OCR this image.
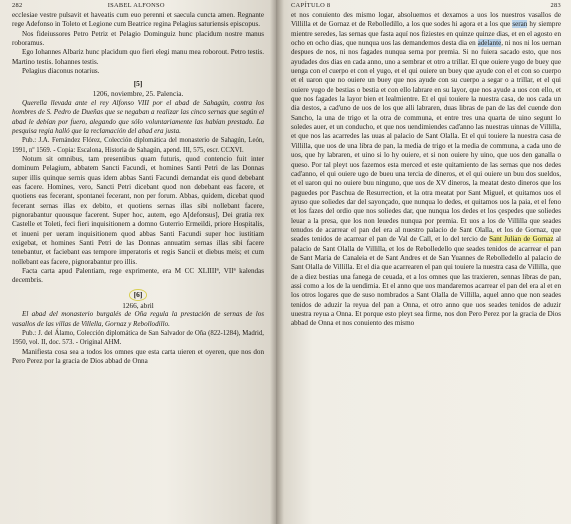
282	ISABEL ALFONSO

ecclesiae vestre pulsavit et haveatis cum euo perenni et saecula cuncta amen. Regnante rege Adefonso in Toleto et Legione cum Beatrice regina Pelagius saturiensis episcopus.

Nos fideiussores Petro Petriz et Pelagio Dominguiz hunc placidum nostre manus roboramus.

Ego Iohannes Albariz hunc placidum quo fieri elegi manu mea roborout. Petro testis. Martino testis. Iohannes testis.

Pelagius diaconus notarius.

[5]
1206, noviembre, 25. Palencia.

Querella llevada ante el rey Alfonso VIII por el abad de Sahagún, contra los hombres de S. Pedro de Dueñas que se negaban a realizar las cinco sernas que según el abad le debían por fuero, alegando que sólo voluntariamente las habían prestado. La pesquisa regia halló que la reclamación del abad era justa.

Pub.: J.A. Fernández Flórez, Colección diplomática del monasterio de Sahagún, León, 1991, nº 1569. - Copia: Escalona, Historia de Sahagún, apend. III, 575, escr. CCXVI.

Notum sit omnibus, tam presentibus quam futuris, quod contencio fuit inter dominum Pelagium, abbatem Sancti Facundi, et homines Santi Petri de las Donnas super illis quinque sernis quas idem abbas Santi Facundi demandat eis quod debebant eas facere. Homines, vero, Sancti Petri dicebant quod non debebant eas facere, et quotiens eas fecerant, spontanei fecerant, non per forum. Abbas, quidem, dicebat quod fecerant sernas illas ex debito, et quotiens sernas illas sibi nollebant facere, pignorabantur quousque facerent. Super hoc, autem, ego A[defonsus], Dei gratia rex Castelle et Toleti, feci fieri inquisitionem a domno Guterrio Ermeildi, priore Hospitalis, et inueni per ueram inquisitionem quod abbas Santi Facundi super hoc iustitiam exigebat, et homines Santi Petri de las Donnas annuatim sernas illas sibi facere tenebantur, et faciebant eas tempore imperatoris et regis Sancii et diebus meis; et cum nollebant eas facere, pignorabantur pro illis.

Facta carta apud Palentiam, rege exprimente, era M CC XLIIIIª, VIIª kalendas decembris.

[6]
1266, abril

El abad del monasterio burgalés de Oña regula la prestación de sernas de los vasallos de las villas de Villella, Gornaz y Rebollodillo.

Pub.: J. del Álamo, Colección diplomática de San Salvador de Oña (822-1284), Madrid, 1950, vol. II, doc. 573. - Original AHM.

Manifiesta cosa sea a todos los omnes que esta carta uieren et oyeren, que nos don Pero Perez por la gracia de Dios abbad de Onna

CAPÍTULO 8	283

et nos conuiento des mismo logar, absoluemos et dexamos a uos los nuestros vasallos de Villilla et de Gornaz et de Rebolledillo, a los que sodes hi agora et a los que seran hy siempre mientre seredes, las sernas que fasta aquí nos fiziestes en quinze quinze dias, et en el agosto en ocho en ocho dias, que nunqua uos las demandemos desta dia en adelante, ni nos ni los uernan despues de nos, ni nos fagades nunqua serna por premia. Si no fuiera sacado esto, que nos ayudades dos dias en cada anno, uno a sembrar et otro a trillar. El que ouiere yugo de buey que uenga con el cuerpo et con el yugo, et el qui ouiere un buey que ayude con el et con so cuerpo et el uaron que no ouiere un buey que nos ayude con su cuerpo a segar o a trillar, et el qui ouiere yugo de bestias o bestia et con ello labrare en su layor, que nos ayude a uos con ello, et que nos fagades la layor bien et lealmientre. Et el qui touiere la nuestra casa, de uos cada un dia destos, a cad'uno de uos de los que alli labraren, duas libras de pan de las del cuende don Sancho, la una de trigo et la otra de communa, et entre tres una quarta de uino segunt lo soledes auer, et un conducho, et que nos uendimiendes cad'anno las nuestras uinnas de Villilla, et que nos las acarredes las uuas al palacio de Sant Olalla. Et el qui touiere la nuestra casa de Villilla, que uos de una libra de pan, la media de trigo et la media de communa, a cada uno de uos, que hy labraren, et uino si lo hy ouiere, et si non ouiere hy uino, que uos den ganalla o queso. Por tal pleyt uos fazemos esta merced et este quitamiento de las sernas que nos dedes cad'anno, el qui ouiere ugo de bueu una tercia de dineros, et el qui ouiere un buu dos sueldos, et el uaron qui no ouiere buu ninguno, que uos de XV dineros, la meatat desto dineros que los paguedes por Paschua de Resurrection, et la otra meatat por Sant Miguel, et quitamos uos el ayuso que soliedes dar del sayonçado, que nunqua lo dedes, et quitamos uos la paia, et el feno et los fazes del ordio que nos soliedes dar, que nunqua los dedes et los çespedes que soliedes leuar a la presa, que los non leuedes nunqua por premia. Et uos a los de Villilla que seades tenudos de acarrear el pan del era al nuestro palacio de Sant Olalla, et los de Gornaz, que seades tenidos de acarrear el pan de Val de Call, et lo del tercio de Sant Julian de Gornaz al palacio de Sant Olalla de Villilla, et los de Rebolledello que seades tenidos de acarrear el pan de Sant Maria de Canaleia et de Sant Andres et de San Yuannes de Rebolledello al palacio de Sant Olalla de Villilla. Et el dia que acarrearen el pan qui touiere la nuestra casa de Villilla, que de a diez bestias una fanega de ceuada, et a los omnes que las traxieren, sennas libras de pan, assi como a los de la uendimia. Et el anno que uos mandaremos acarrear el pan del era al et en los otros logares que de suso nombrados a Sant Olalla de Villilla, aquel anno que non seades tenidos de aduzir la reyua del pan a Onna, et otro anno que uos seades tenidos de aduzir uuestra reyua a Onna. Et porque esto pleyt sea firme, nos don Pero Perez por la gracia de Dios abbad de Onna et nos conuiento des mismo
